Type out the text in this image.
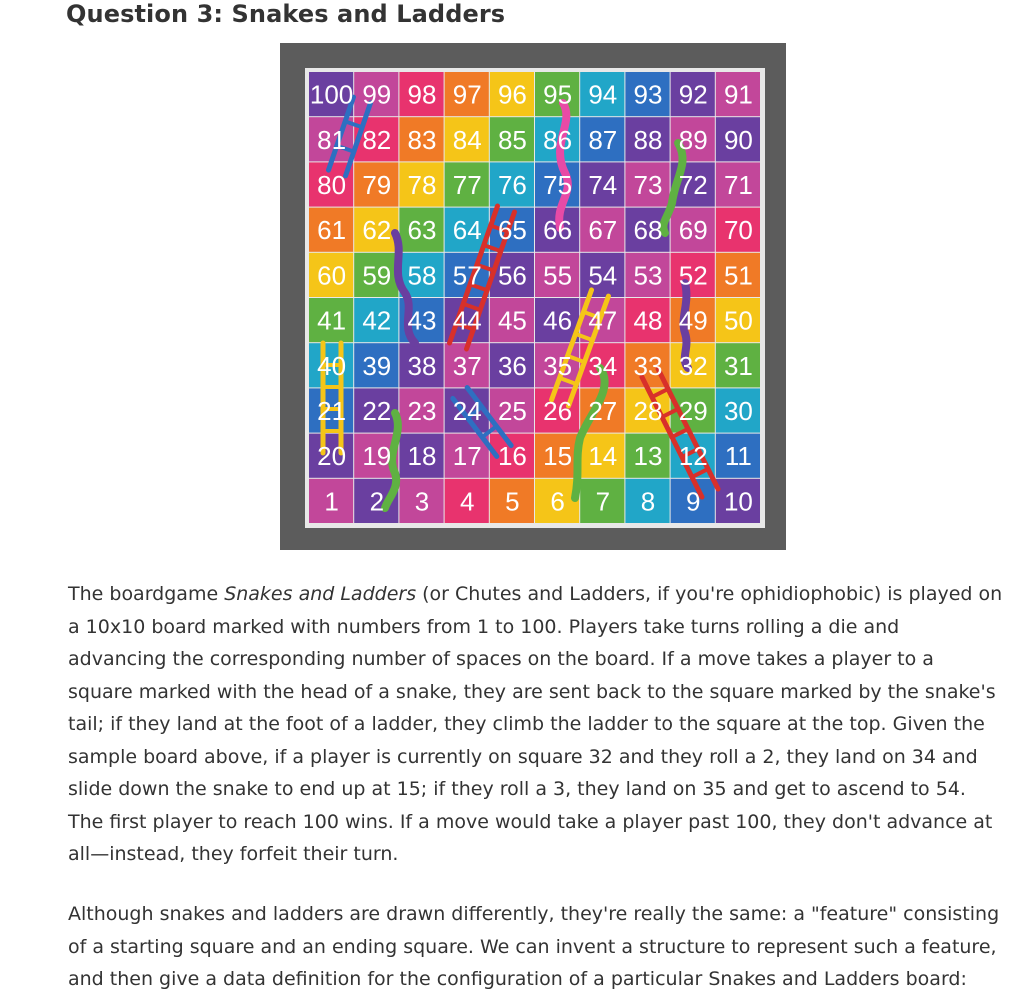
Question 3: Snakes and Ladders
100 99 98 97 96 95 94 93 92 91
81 82 83 84 85 86 87 88 89 90
80 79 78 77 76 75 74 73 72 71
61 62 63 64 65 66 67 68 69 70
60 59 58 57 56 55 54 53 52 51
41 42 43 44 45 46 47 48 49 50
40 39 38 37 36 35 34 33 32 31
21 22 23 24 25 26 27 28 29 30
20 19 18 17 16 15 14 13 12 11
1 2 3 4 5 6 7 8 9 10

The boardgame Snakes and Ladders (or Chutes and Ladders, if you're ophidiophobic) is played on a 10x10 board marked with numbers from 1 to 100. Players take turns rolling a die and advancing the corresponding number of spaces on the board. If a move takes a player to a square marked with the head of a snake, they are sent back to the square marked by the snake's tail; if they land at the foot of a ladder, they climb the ladder to the square at the top. Given the sample board above, if a player is currently on square 32 and they roll a 2, they land on 34 and slide down the snake to end up at 15; if they roll a 3, they land on 35 and get to ascend to 54. The first player to reach 100 wins. If a move would take a player past 100, they don't advance at all—instead, they forfeit their turn.

Although snakes and ladders are drawn differently, they're really the same: a "feature" consisting of a starting square and an ending square. We can invent a structure to represent such a feature, and then give a data definition for the configuration of a particular Snakes and Ladders board:
